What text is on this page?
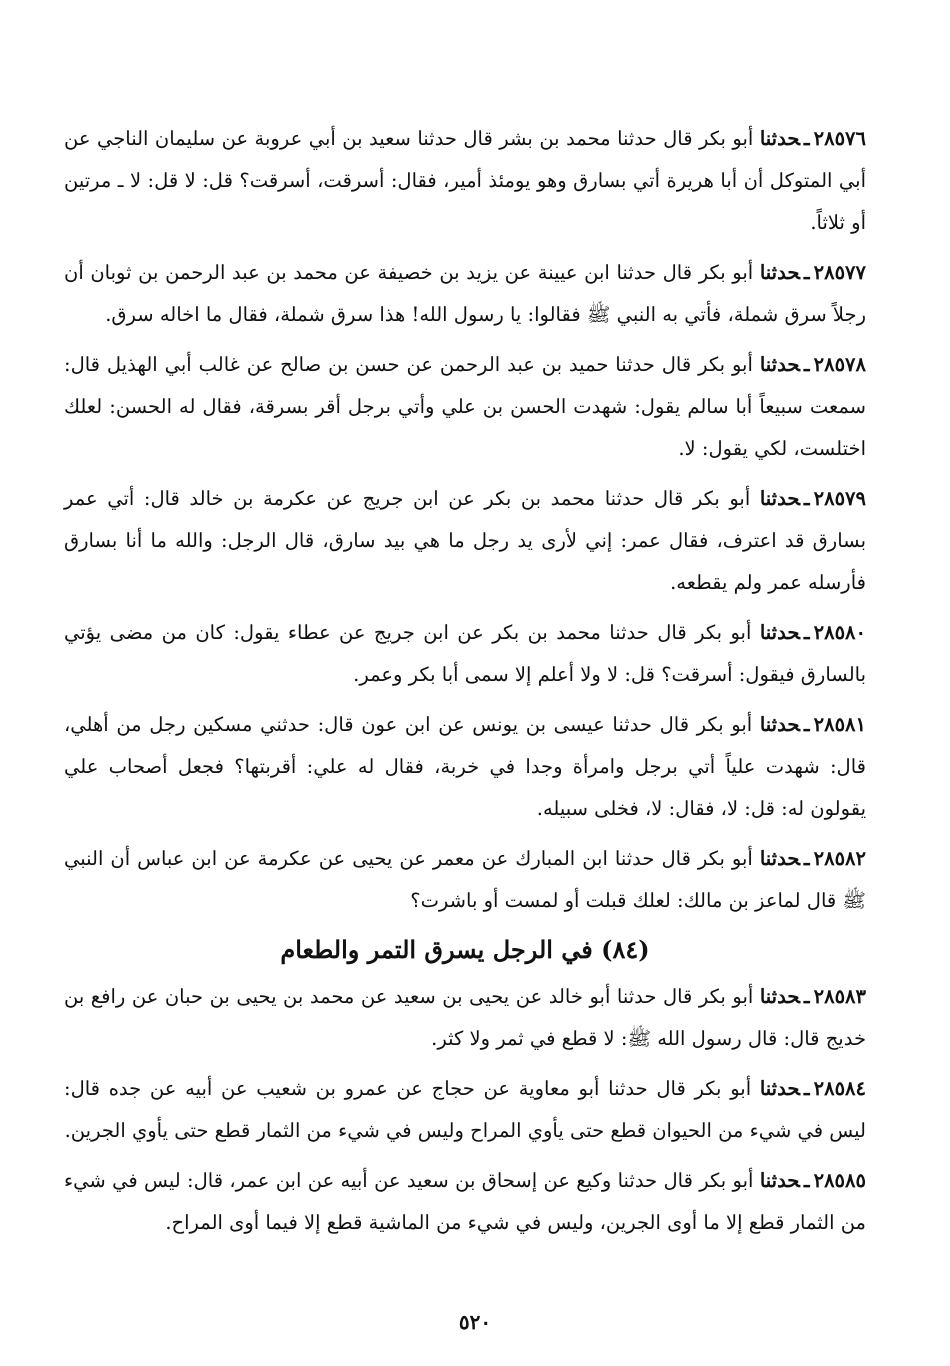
٢٨٥٧٦ـحدثنا أبو بكر قال حدثنا محمد بن بشر قال حدثنا سعيد بن أبي عروبة عن سليمان الناجي عن أبي المتوكل أن أبا هريرة أتي بسارق وهو يومئذ أمير، فقال: أسرقت، أسرقت؟ قل: لا قل: لا ـ مرتين أو ثلاثاً.

٢٨٥٧٧ـحدثنا أبو بكر قال حدثنا ابن عيينة عن يزيد بن خصيفة عن محمد بن عبد الرحمن بن ثوبان أن رجلاً سرق شملة، فأتي به النبي ﷺ فقالوا: يا رسول الله! هذا سرق شملة، فقال ما اخاله سرق.

٢٨٥٧٨ـحدثنا أبو بكر قال حدثنا حميد بن عبد الرحمن عن حسن بن صالح عن غالب أبي الهذيل قال: سمعت سبيعاً أبا سالم يقول: شهدت الحسن بن علي وأتي برجل أقر بسرقة، فقال له الحسن: لعلك اختلست، لكي يقول: لا.

٢٨٥٧٩ـحدثنا أبو بكر قال حدثنا محمد بن بكر عن ابن جريج عن عكرمة بن خالد قال: أتي عمر بسارق قد اعترف، فقال عمر: إني لأرى يد رجل ما هي بيد سارق، قال الرجل: والله ما أنا بسارق فأرسله عمر ولم يقطعه.

٢٨٥٨٠ـحدثنا أبو بكر قال حدثنا محمد بن بكر عن ابن جريج عن عطاء يقول: كان من مضى يؤتي بالسارق فيقول: أسرقت؟ قل: لا ولا أعلم إلا سمى أبا بكر وعمر.

٢٨٥٨١ـحدثنا أبو بكر قال حدثنا عيسى بن يونس عن ابن عون قال: حدثني مسكين رجل من أهلي، قال: شهدت علياً أتي برجل وامرأة وجدا في خربة، فقال له علي: أقربتها؟ فجعل أصحاب علي يقولون له: قل: لا، فقال: لا، فخلى سبيله.

٢٨٥٨٢ـحدثنا أبو بكر قال حدثنا ابن المبارك عن معمر عن يحيى عن عكرمة عن ابن عباس أن النبي ﷺ قال لماعز بن مالك: لعلك قبلت أو لمست أو باشرت؟

(٨٤) في الرجل يسرق التمر والطعام

٢٨٥٨٣ـحدثنا أبو بكر قال حدثنا أبو خالد عن يحيى بن سعيد عن محمد بن يحيى بن حبان عن رافع بن خديج قال: قال رسول الله ﷺ: لا قطع في ثمر ولا كثر.

٢٨٥٨٤ـحدثنا أبو بكر قال حدثنا أبو معاوية عن حجاج عن عمرو بن شعيب عن أبيه عن جده قال: ليس في شيء من الحيوان قطع حتى يأوي المراح وليس في شيء من الثمار قطع حتى يأوي الجرين.

٢٨٥٨٥ـحدثنا أبو بكر قال حدثنا وكيع عن إسحاق بن سعيد عن أبيه عن ابن عمر، قال: ليس في شيء من الثمار قطع إلا ما أوى الجرين، وليس في شيء من الماشية قطع إلا فيما أوى المراح.

٥٢٠
